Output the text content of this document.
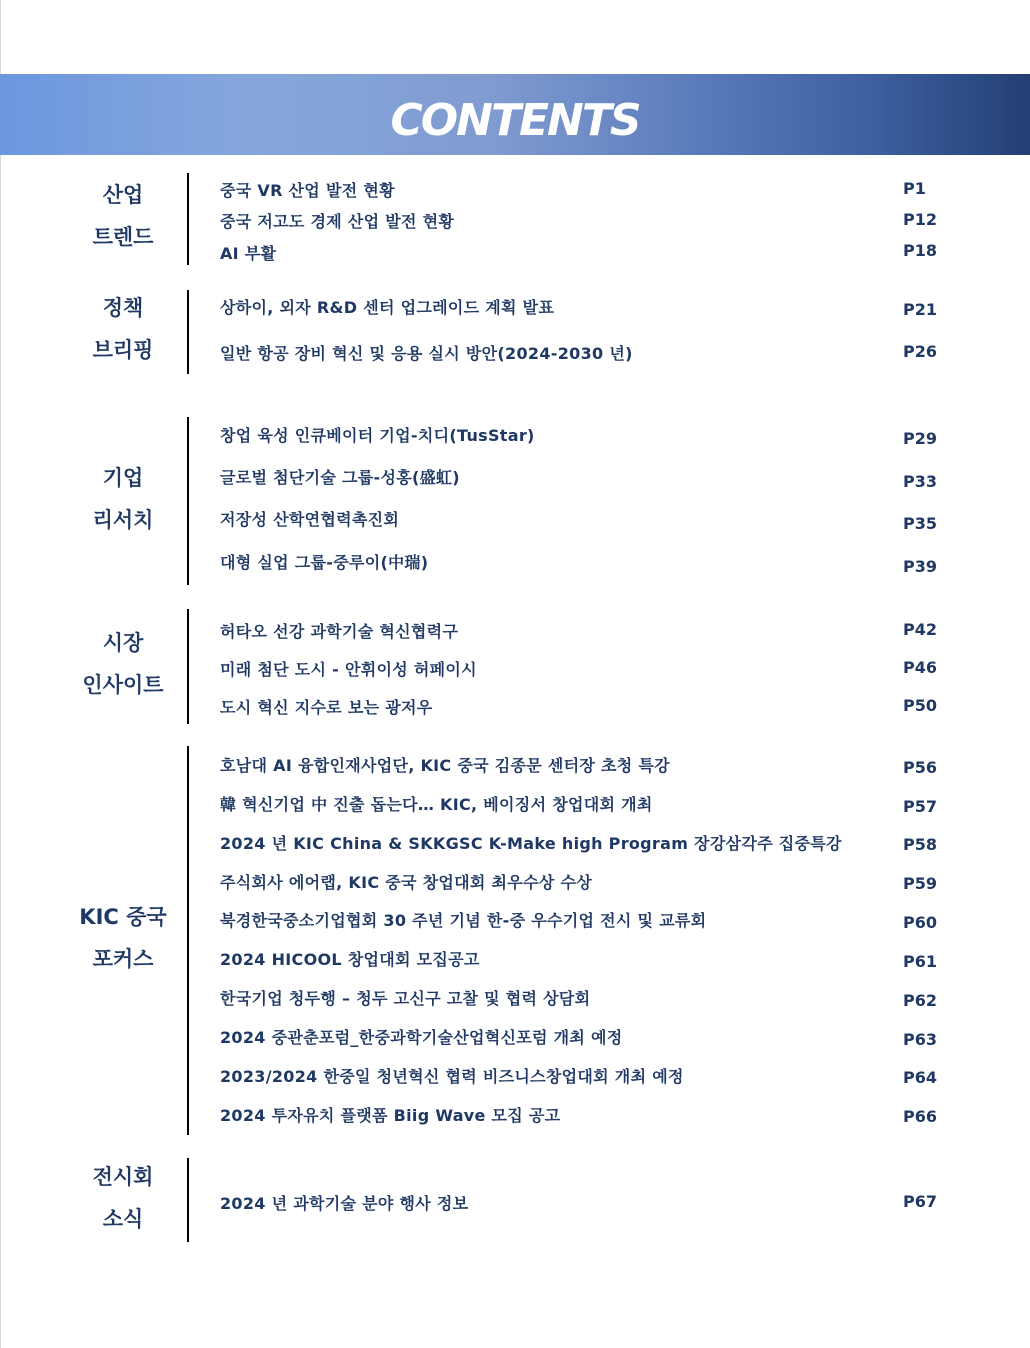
CONTENTS
산업
트렌드
중국 VR 산업 발전 현황	P1
중국 저고도 경제 산업 발전 현황	P12
AI 부활	P18
정책
브리핑
상하이, 외자 R&D 센터 업그레이드 계획 발표	P21
일반 항공 장비 혁신 및 응용 실시 방안(2024-2030 년)	P26
기업
리서치
창업 육성 인큐베이터 기업-치디(TusStar)	P29
글로벌 첨단기술 그룹-성홍(盛虹)	P33
저장성 산학연협력촉진회	P35
대형 실업 그룹-중루이(中瑞)	P39
시장
인사이트
허타오 선강 과학기술 혁신협력구	P42
미래 첨단 도시 - 안휘이성 허페이시	P46
도시 혁신 지수로 보는 광저우	P50
KIC 중국
포커스
호남대 AI 융합인재사업단, KIC 중국 김종문 센터장 초청 특강	P56
韓 혁신기업 中 진출 돕는다… KIC, 베이징서 창업대회 개최	P57
2024 년 KIC China & SKKGSC K-Make high Program 장강삼각주 집중특강	P58
주식회사 에어랩, KIC 중국 창업대회 최우수상 수상	P59
북경한국중소기업협회 30 주년 기념 한-중 우수기업 전시 및 교류회	P60
2024 HICOOL 창업대회 모집공고	P61
한국기업 청두행 – 청두 고신구 고찰 및 협력 상담회	P62
2024 중관춘포럼_한중과학기술산업혁신포럼 개최 예정	P63
2023/2024 한중일 청년혁신 협력 비즈니스창업대회 개최 예정	P64
2024 투자유치 플랫폼 Biig Wave 모집 공고	P66
전시회
소식
2024 년 과학기술 분야 행사 정보	P67
